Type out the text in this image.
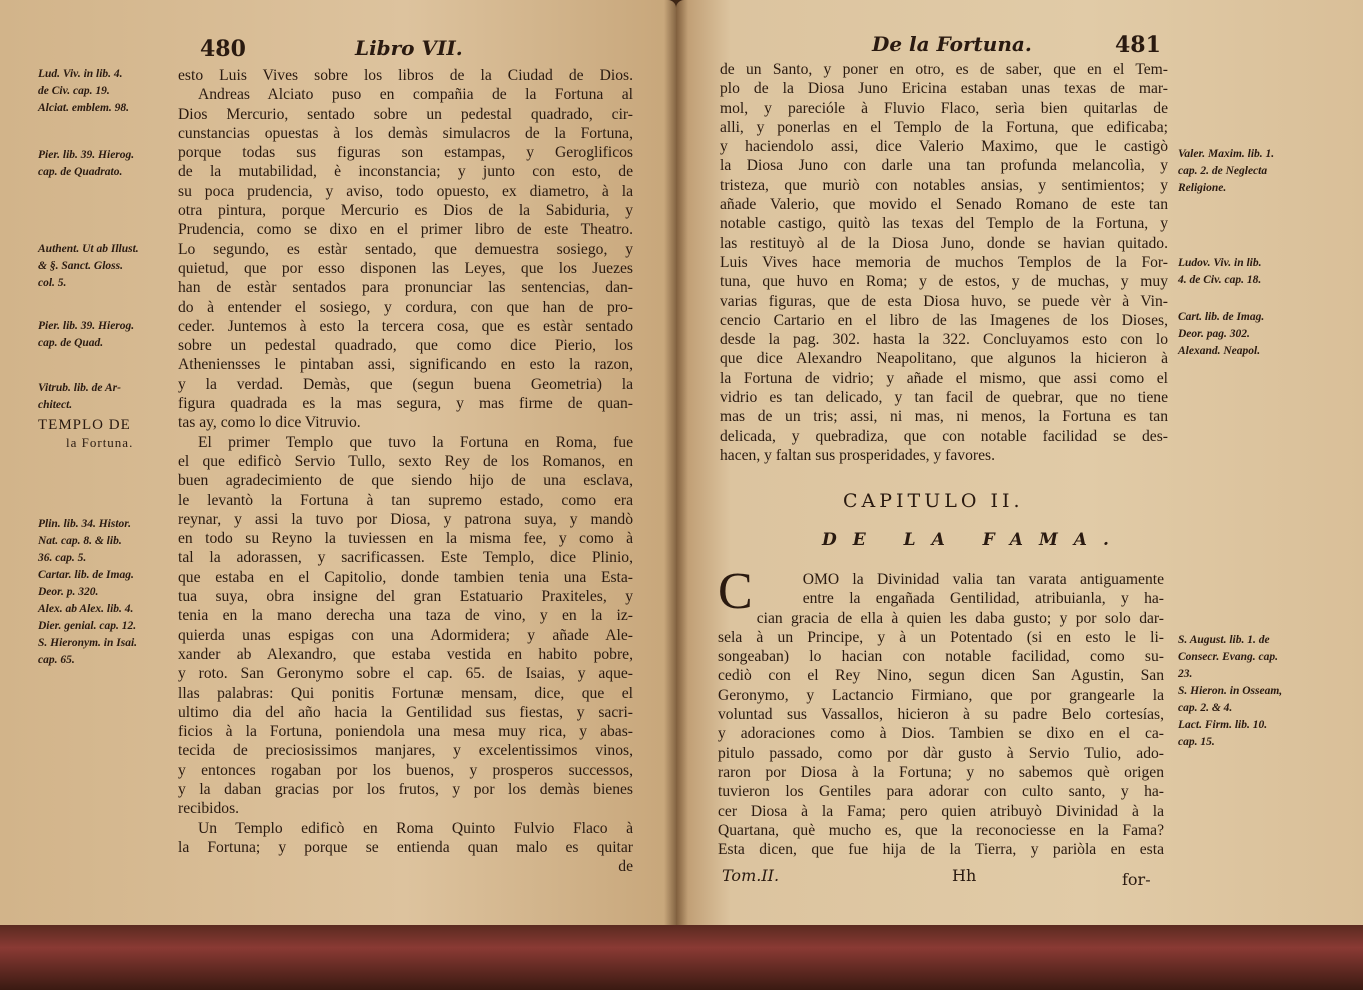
480	Libro VII.
Lud. Viv. in lib. 4.
de Civ. cap. 19.
Alciat. emblem. 98.
Pier. lib. 39. Hierog.
cap. de Quadrato.
Authent. Ut ab Illust.
& §. Sanct. Gloss.
col. 5.
Pier. lib. 39. Hierog.
cap. de Quad.
Vitrub. lib. de Ar-
chitect.
TEMPLO DE
la Fortuna.
Plin. lib. 34. Histor.
Nat. cap. 8. & lib.
36. cap. 5.
Cartar. lib. de Imag.
Deor. p. 320.
Alex. ab Alex. lib. 4.
Dier. genial. cap. 12.
S. Hieronym. in Isai.
cap. 65.
esto Luis Vives sobre los libros de la Ciudad de Dios.
Andreas Alciato puso en compañia de la Fortuna al
Dios Mercurio, sentado sobre un pedestal quadrado, cir-
cunstancias opuestas à los demàs simulacros de la Fortuna,
porque todas sus figuras son estampas, y Geroglificos
de la mutabilidad, è inconstancia; y junto con esto, de
su poca prudencia, y aviso, todo opuesto, ex diametro, à la
otra pintura, porque Mercurio es Dios de la Sabiduria, y
Prudencia, como se dixo en el primer libro de este Theatro.
Lo segundo, es estàr sentado, que demuestra sosiego, y
quietud, que por esso disponen las Leyes, que los Juezes
han de estàr sentados para pronunciar las sentencias, dan-
do à entender el sosiego, y cordura, con que han de pro-
ceder. Juntemos à esto la tercera cosa, que es estàr sentado
sobre un pedestal quadrado, que como dice Pierio, los
Atheniensses le pintaban assi, significando en esto la razon,
y la verdad. Demàs, que (segun buena Geometria) la
figura quadrada es la mas segura, y mas firme de quan-
tas ay, como lo dice Vitruvio.
El primer Templo que tuvo la Fortuna en Roma, fue
el que edificò Servio Tullo, sexto Rey de los Romanos, en
buen agradecimiento de que siendo hijo de una esclava,
le levantò la Fortuna à tan supremo estado, como era
reynar, y assi la tuvo por Diosa, y patrona suya, y mandò
en todo su Reyno la tuviessen en la misma fee, y como à
tal la adorassen, y sacrificassen. Este Templo, dice Plinio,
que estaba en el Capitolio, donde tambien tenia una Esta-
tua suya, obra insigne del gran Estatuario Praxiteles, y
tenia en la mano derecha una taza de vino, y en la iz-
quierda unas espigas con una Adormidera; y añade Ale-
xander ab Alexandro, que estaba vestida en habito pobre,
y roto. San Geronymo sobre el cap. 65. de Isaias, y aque-
llas palabras: Qui ponitis Fortunæ mensam, dice, que el
ultimo dia del año hacia la Gentilidad sus fiestas, y sacri-
ficios à la Fortuna, poniendola una mesa muy rica, y abas-
tecida de preciosissimos manjares, y excelentissimos vinos,
y entonces rogaban por los buenos, y prosperos successos,
y la daban gracias por los frutos, y por los demàs bienes
recibidos.
Un Templo edificò en Roma Quinto Fulvio Flaco à
la Fortuna; y porque se entienda quan malo es quitar
de
De la Fortuna.	481
de un Santo, y poner en otro, es de saber, que en el Tem-
plo de la Diosa Juno Ericina estaban unas texas de mar-
mol, y parecióle à Fluvio Flaco, serìa bien quitarlas de
alli, y ponerlas en el Templo de la Fortuna, que edificaba;
y haciendolo assi, dice Valerio Maximo, que le castigò
la Diosa Juno con darle una tan profunda melancolìa, y
tristeza, que muriò con notables ansias, y sentimientos; y
añade Valerio, que movido el Senado Romano de este tan
notable castigo, quitò las texas del Templo de la Fortuna, y
las restituyò al de la Diosa Juno, donde se havian quitado.
Luis Vives hace memoria de muchos Templos de la For-
tuna, que huvo en Roma; y de estos, y de muchas, y muy
varias figuras, que de esta Diosa huvo, se puede vèr à Vin-
cencio Cartario en el libro de las Imagenes de los Dioses,
desde la pag. 302. hasta la 322. Concluyamos esto con lo
que dice Alexandro Neapolitano, que algunos la hicieron à
la Fortuna de vidrio; y añade el mismo, que assi como el
vidrio es tan delicado, y tan facil de quebrar, que no tiene
mas de un tris; assi, ni mas, ni menos, la Fortuna es tan
delicada, y quebradiza, que con notable facilidad se des-
hacen, y faltan sus prosperidades, y favores.
CAPITULO II.
DE LA FAMA.
C	OMO la Divinidad valia tan varata antiguamente
entre la engañada Gentilidad, atribuianla, y ha-
cian gracia de ella à quien les daba gusto; y por solo dar-
sela à un Principe, y à un Potentado (si en esto le li-
songeaban) lo hacian con notable facilidad, como su-
cediò con el Rey Nino, segun dicen San Agustin, San
Geronymo, y Lactancio Firmiano, que por grangearle la
voluntad sus Vassallos, hicieron à su padre Belo cortesías,
y adoraciones como à Dios. Tambien se dixo en el ca-
pitulo passado, como por dàr gusto à Servio Tulio, ado-
raron por Diosa à la Fortuna; y no sabemos què origen
tuvieron los Gentiles para adorar con culto santo, y ha-
cer Diosa à la Fama; pero quien atribuyò Divinidad à la
Quartana, què mucho es, que la reconociesse en la Fama?
Esta dicen, que fue hija de la Tierra, y pariòla en esta
Tom.II.	Hh	for-
Valer. Maxim. lib. 1.
cap. 2. de Neglecta
Religione.
Ludov. Viv. in lib.
4. de Civ. cap. 18.
Cart. lib. de Imag.
Deor. pag. 302.
Alexand. Neapol.
S. August. lib. 1. de
Consecr. Evang. cap.
23.
S. Hieron. in Osseam,
cap. 2. & 4.
Lact. Firm. lib. 10.
cap. 15.
